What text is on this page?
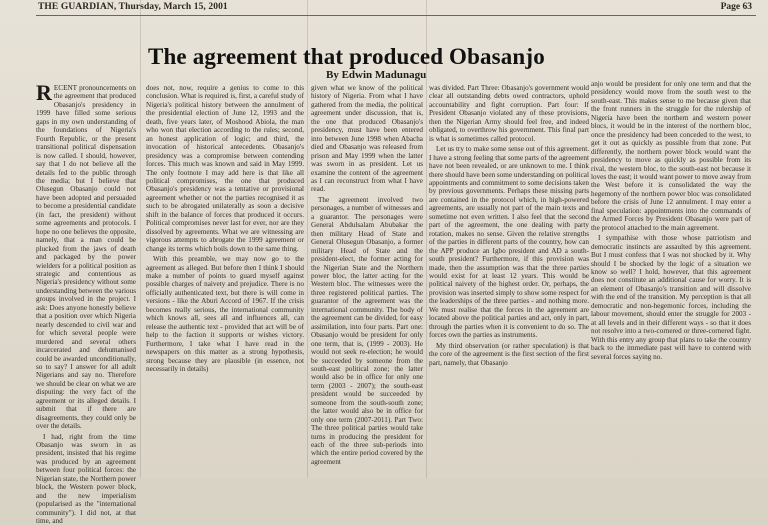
THE GUARDIAN, Thursday, March 15, 2001	Page 63
The agreement that produced Obasanjo
By Edwin Madunagu

RECENT pronouncements on the agreement that produced Obasanjo's presidency in 1999 have filled some serious gaps in my own understanding of the foundations of Nigeria's Fourth Republic, or the present transitional political dispensation is now called. I should, however, say that I do not believe all the details fed to the public through the media; but I believe that Olusegun Obasanjo could not have been adopted and persuaded to become a presidential candidate (in fact, the president) without some agreements and protocols. I hope no one believes the opposite, namely, that a man could be plucked from the jaws of death and packaged by the power wielders for a political position as strategic and contentious as Nigeria's presidency without some understanding between the various groups involved in the project. I ask: Does anyone honestly believe that a position over which Nigeria nearly descended to civil war and for which several people were murdered and several others incarcerated and dehumanised could be awarded unconditionally, so to say? I answer for all adult Nigerians and say no. Therefore we should be clear on what we are disputing: the very fact of the agreement or its alleged details. I submit that if there are disagreements, they could only be over the details.

I had, right from the time Obasanjo was sworn in as president, insisted that his regime was produced by an agreement between four political forces: the Nigerian state, the Northern power block, the Western power block, and the new imperialism (popularised as the "international community"). I did not, at that time, and

does not, now, require a genius to come to this conclusion. What is required is, first, a careful study of Nigeria's political history between the annulment of the presidential election of June 12, 1993 and the death, five years later, of Moshood Abiola, the man who won that election according to the rules; second, an honest application of logic; and third, the invocation of historical antecedents. Obasanjo's presidency was a compromise between contending forces. This much was known and said in May 1999. The only footnote I may add here is that like all political compromises, the one that produced Obasanjo's presidency was a tentative or provisional agreement whether or not the parties recognised it as such to be abrogated unilaterally as soon a decisive shift in the balance of forces that produced it occurs. Political compromises never last for ever, nor are they dissolved by agreements. What we are witnessing are vigorous attempts to abrogate the 1999 agreement or change its terms which boils down to the same thing.

With this preamble, we may now go to the agreement as alleged. But before then I think I should make a number of points to guard myself against possible charges of naivety and prejudice. There is no officially authenticated text, but there is will come in versions - like the Aburi Accord of 1967. If the crisis becomes really serious, the international community which knows all, sees all and influences all, can release the authentic text - provided that act will be of help to the faction it supports or wishes victory. Furthermore, I take what I have read in the newspapers on this matter as a strong hypothesis, strong because they are plausible (in essence, not necessarily in details)

given what we know of the political history of Nigeria. From what I have gathered from the media, the political agreement under discussion, that is, the one that produced Obasanjo's presidency, must have been entered into between June 1998 when Abacha died and Obasanjo was released from prison and May 1999 when the latter was sworn in as president. Let us examine the content of the agreement as I can reconstruct from what I have read.

The agreement involved two personages, a number of witnesses and a guarantor. The personages were General Abdulsalam Abubakar the then military Head of State and General Olusegun Obasanjo, a former military Head of State and the president-elect, the former acting for the Nigerian State and the Northern power bloc, the latter acting for the Western bloc. The witnesses were the three registered political parties. The guarantor of the agreement was the international community. The body of the agreement can be divided, for easy assimilation, into four parts. Part one: Obasanjo would be president for only one term, that is, (1999 - 2003). He would not seek re-election; he would be succeeded by someone from the south-east political zone; the latter would also be in office for only one term (2003 - 2007); the south-east president would be succeeded by someone from the south-south zone; the latter would also be in office for only one term (2007-2011). Part Two: The three political parties would take turns in producing the president for each of the three sub-periods into which the entire period covered by the agreement

was divided. Part Three: Obasanjo's government would clear all outstanding debts owed contractors, uphold accountability and fight corruption. Part four: If President Obasanjo violated any of these provisions, then the Nigerian Army should feel free, and indeed obligated, to overthrow his government. This final part is what is sometimes called protocol.

Let us try to make some sense out of this agreement. I have a strong feeling that some parts of the agreement have not been revealed, or are unknown to me. I think there should have been some understanding on political appointments and commitment to some decisions taken by previous governments. Perhaps these missing parts are contained in the protocol which, in high-powered agreements, are usually not part of the main texts and sometime not even written. I also feel that the second part of the agreement, the one dealing with party rotation, makes no sense. Given the relative strengths of the parties in different parts of the country, how can the APP produce an Igbo president and AD a south-south president? Furthermore, if this provision was made, then the assumption was that the three parties would exist for at least 12 years. This would be political naivety of the highest order. Or, perhaps, the provision was inserted simply to show some respect for the leaderships of the three parties - and nothing more. We must realise that the forces in the agreement are located above the political parties and act, only in part, through the parties when it is convenient to do so. The forces own the parties as instruments.

My third observation (or rather speculation) is that the core of the agreement is the first section of the first part, namely, that Obasanjo

anjo would be president for only one term and that the presidency would move from the south west to the south-east. This makes sense to me because given that the front runners in the struggle for the rulership of Nigeria have been the northern and western power blocs, it would be in the interest of the northern bloc, once the presidency had been conceded to the west, to get it out as quickly as possible from that zone. Put differently, the northern power block would want the presidency to move as quickly as possible from its rival, the western bloc, to the south-east not because it loves the east; it would want power to move away from the West before it is consolidated the way the hegemony of the northern power bloc was consolidated before the crisis of June 12 annulment. I may enter a final speculation: appointments into the commands of the Armed Forces by President Obasanjo were part of the protocol attached to the main agreement.

I sympathise with those whose patriotism and democratic instincts are assaulted by this agreement. But I must confess that I was not shocked by it. Why should I be shocked by the logic of a situation we know so well? I hold, however, that this agreement does not constitute an additional cause for worry. It is an element of Obasanjo's transition and will dissolve with the end of the transition. My perception is that all democratic and non-hegemonic forces, including the labour movement, should enter the struggle for 2003 - at all levels and in their different ways - so that it does not resolve into a two-cornered or three-cornered fight. With this entry any group that plans to take the country back to the immediate past will have to contend with several forces saying no.
